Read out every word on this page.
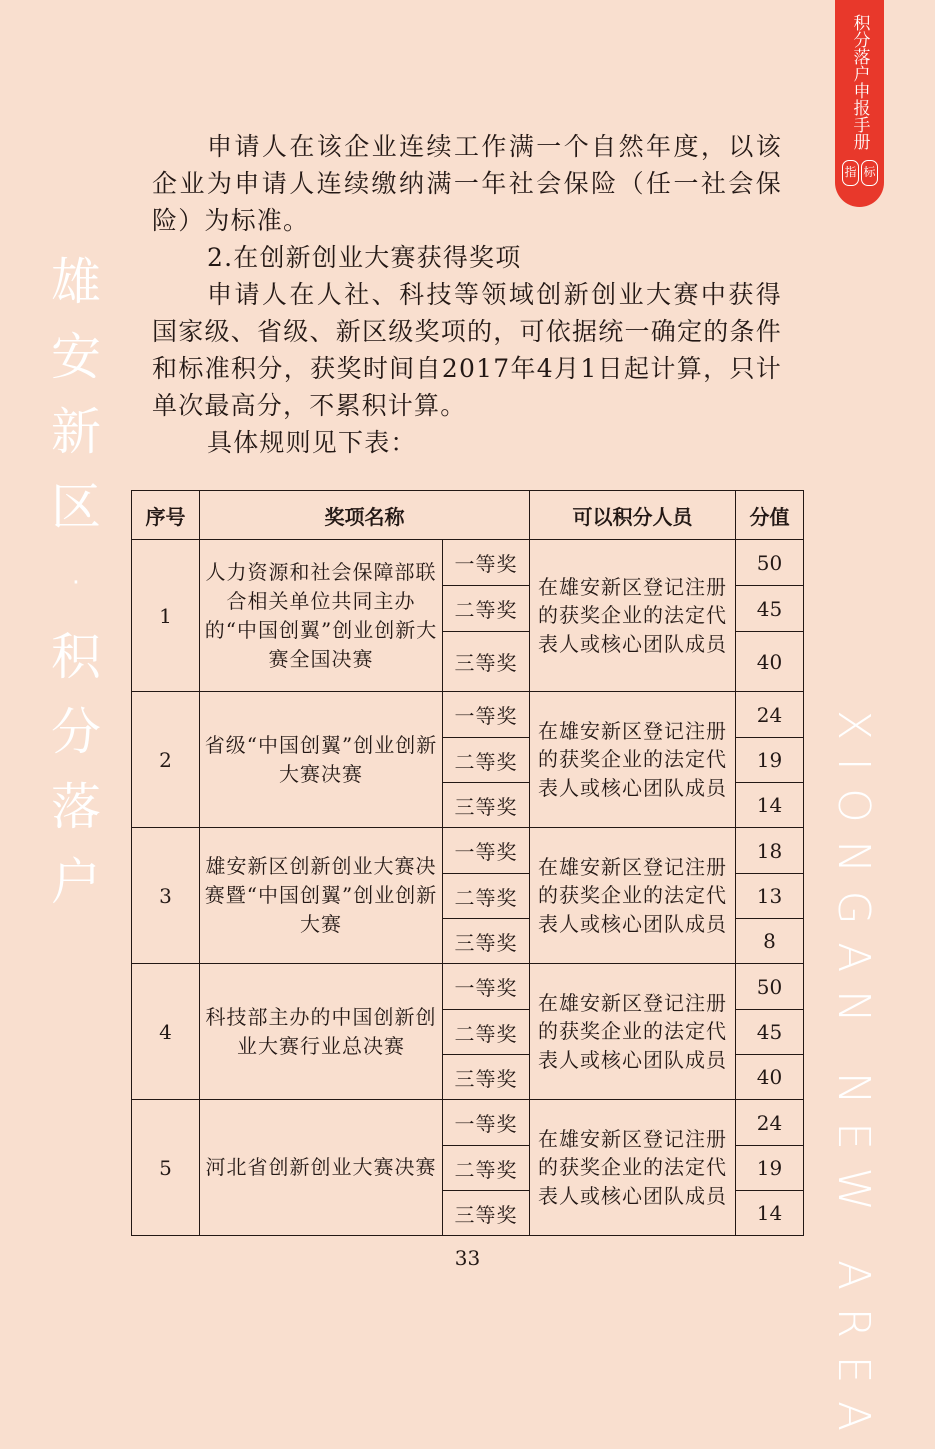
雄
安
新
区
·
积
分
落
户	XIONGAN NEW AREA
积分落户申报手册
指 标

申请人在该企业连续工作满一个自然年度，以该企业为申请人连续缴纳满一年社会保险（任一社会保险）为标准。

2.在创新创业大赛获得奖项

申请人在人社、科技等领域创新创业大赛中获得国家级、省级、新区级奖项的，可依据统一确定的条件和标准积分，获奖时间自2017年4月1日起计算，只计单次最高分，不累积计算。

具体规则见下表：

序号	奖项名称		可以积分人员	分值
1	人力资源和社会保障部联合相关单位共同主办的“中国创翼”创业创新大赛全国决赛	一等奖	在雄安新区登记注册的获奖企业的法定代表人或核心团队成员	50
		二等奖		45
		三等奖		40
2	省级“中国创翼”创业创新大赛决赛	一等奖	在雄安新区登记注册的获奖企业的法定代表人或核心团队成员	24
		二等奖		19
		三等奖		14
3	雄安新区创新创业大赛决赛暨“中国创翼”创业创新大赛	一等奖	在雄安新区登记注册的获奖企业的法定代表人或核心团队成员	18
		二等奖		13
		三等奖		8
4	科技部主办的中国创新创业大赛行业总决赛	一等奖	在雄安新区登记注册的获奖企业的法定代表人或核心团队成员	50
		二等奖		45
		三等奖		40
5	河北省创新创业大赛决赛	一等奖	在雄安新区登记注册的获奖企业的法定代表人或核心团队成员	24
		二等奖		19
		三等奖		14
33
